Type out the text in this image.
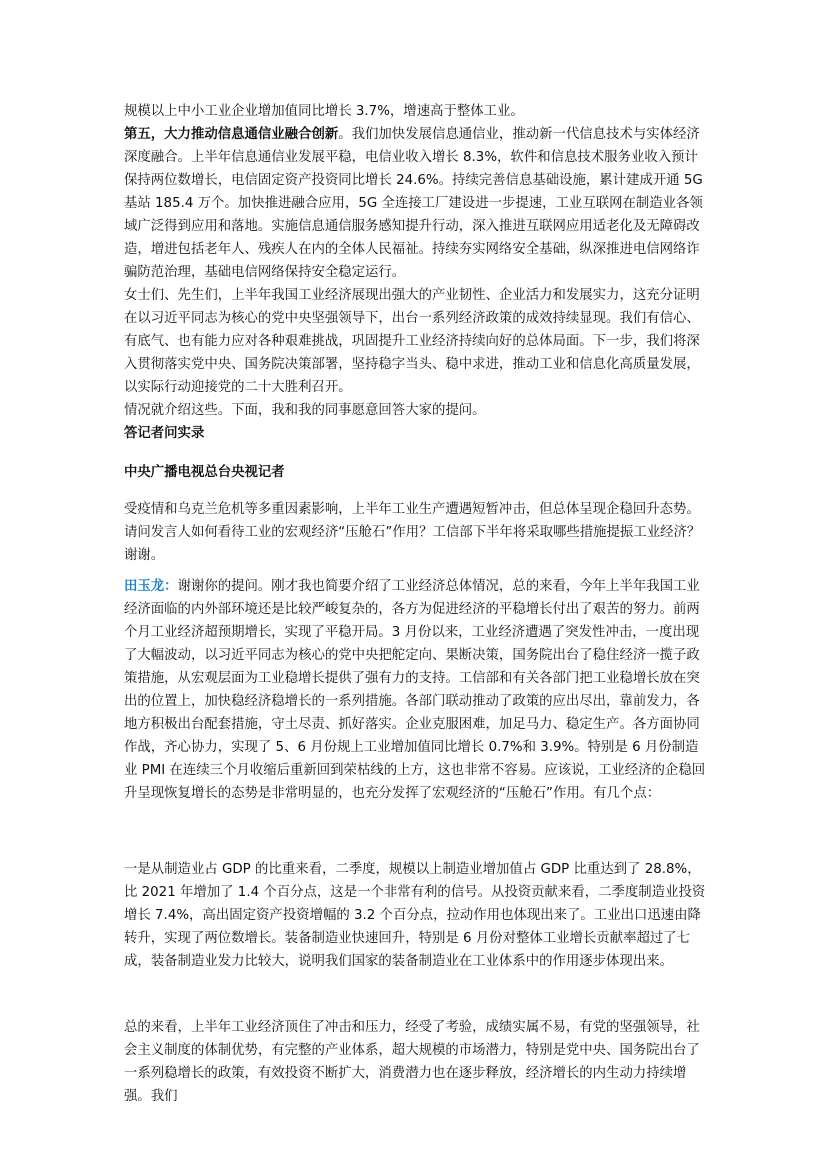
规模以上中小工业企业增加值同比增长 3.7%，增速高于整体工业。

第五，大力推动信息通信业融合创新。我们加快发展信息通信业，推动新一代信息技术与实体经济深度融合。上半年信息通信业发展平稳，电信业收入增长 8.3%，软件和信息技术服务业收入预计保持两位数增长，电信固定资产投资同比增长 24.6%。持续完善信息基础设施，累计建成开通 5G 基站 185.4 万个。加快推进融合应用，5G 全连接工厂建设进一步提速，工业互联网在制造业各领域广泛得到应用和落地。实施信息通信服务感知提升行动，深入推进互联网应用适老化及无障碍改造，增进包括老年人、残疾人在内的全体人民福祉。持续夯实网络安全基础，纵深推进电信网络诈骗防范治理，基础电信网络保持安全稳定运行。

女士们、先生们，上半年我国工业经济展现出强大的产业韧性、企业活力和发展实力，这充分证明在以习近平同志为核心的党中央坚强领导下，出台一系列经济政策的成效持续显现。我们有信心、有底气、也有能力应对各种艰难挑战，巩固提升工业经济持续向好的总体局面。下一步，我们将深入贯彻落实党中央、国务院决策部署，坚持稳字当头、稳中求进，推动工业和信息化高质量发展，以实际行动迎接党的二十大胜利召开。

情况就介绍这些。下面，我和我的同事愿意回答大家的提问。

答记者问实录

中央广播电视总台央视记者

受疫情和乌克兰危机等多重因素影响，上半年工业生产遭遇短暂冲击，但总体呈现企稳回升态势。请问发言人如何看待工业的宏观经济“压舱石”作用？工信部下半年将采取哪些措施提振工业经济？

谢谢。

田玉龙：谢谢你的提问。刚才我也简要介绍了工业经济总体情况，总的来看，今年上半年我国工业经济面临的内外部环境还是比较严峻复杂的，各方为促进经济的平稳增长付出了艰苦的努力。前两个月工业经济超预期增长，实现了平稳开局。3 月份以来，工业经济遭遇了突发性冲击，一度出现了大幅波动，以习近平同志为核心的党中央把舵定向、果断决策，国务院出台了稳住经济一揽子政策措施，从宏观层面为工业稳增长提供了强有力的支持。工信部和有关各部门把工业稳增长放在突出的位置上，加快稳经济稳增长的一系列措施。各部门联动推动了政策的应出尽出，靠前发力，各地方积极出台配套措施，守土尽责、抓好落实。企业克服困难，加足马力、稳定生产。各方面协同作战，齐心协力，实现了 5、6 月份规上工业增加值同比增长 0.7%和 3.9%。特别是 6 月份制造业 PMI 在连续三个月收缩后重新回到荣枯线的上方，这也非常不容易。应该说，工业经济的企稳回升呈现恢复增长的态势是非常明显的，也充分发挥了宏观经济的“压舱石”作用。有几个点：

一是从制造业占 GDP 的比重来看，二季度，规模以上制造业增加值占 GDP 比重达到了 28.8%，比 2021 年增加了 1.4 个百分点，这是一个非常有利的信号。从投资贡献来看，二季度制造业投资增长 7.4%，高出固定资产投资增幅的 3.2 个百分点，拉动作用也体现出来了。工业出口迅速由降转升，实现了两位数增长。装备制造业快速回升，特别是 6 月份对整体工业增长贡献率超过了七成，装备制造业发力比较大，说明我们国家的装备制造业在工业体系中的作用逐步体现出来。

总的来看，上半年工业经济顶住了冲击和压力，经受了考验，成绩实属不易，有党的坚强领导，社会主义制度的体制优势，有完整的产业体系，超大规模的市场潜力，特别是党中央、国务院出台了一系列稳增长的政策，有效投资不断扩大，消费潜力也在逐步释放，经济增长的内生动力持续增强。我们
